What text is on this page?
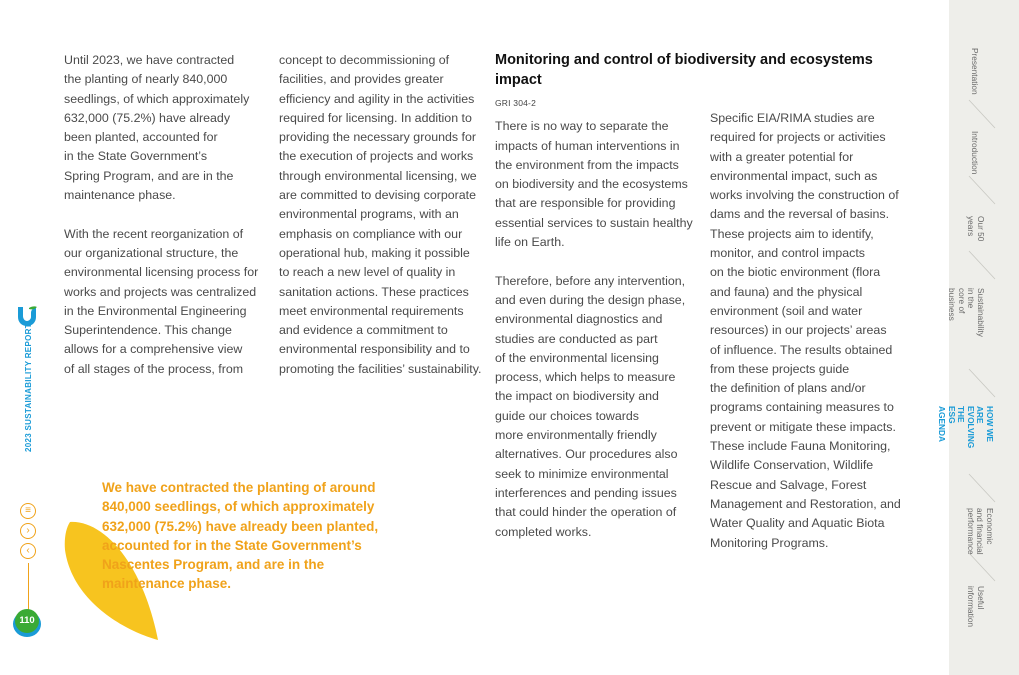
Until 2023, we have contracted
the planting of nearly 840,000
seedlings, of which approximately
632,000 (75.2%) have already
been planted, accounted for
in the State Government’s
Spring Program, and are in the
maintenance phase.

With the recent reorganization of
our organizational structure, the
environmental licensing process for
works and projects was centralized
in the Environmental Engineering
Superintendence. This change
allows for a comprehensive view
of all stages of the process, from

concept to decommissioning of
facilities, and provides greater
efficiency and agility in the activities
required for licensing. In addition to
providing the necessary grounds for
the execution of projects and works
through environmental licensing, we
are committed to devising corporate
environmental programs, with an
emphasis on compliance with our
operational hub, making it possible
to reach a new level of quality in
sanitation actions. These practices
meet environmental requirements
and evidence a commitment to
environmental responsibility and to
promoting the facilities’ sustainability.

Monitoring and control of biodiversity and ecosystems impact
GRI 304-2

There is no way to separate the
impacts of human interventions in
the environment from the impacts
on biodiversity and the ecosystems
that are responsible for providing
essential services to sustain healthy
life on Earth.

Therefore, before any intervention,
and even during the design phase,
environmental diagnostics and
studies are conducted as part
of the environmental licensing
process, which helps to measure
the impact on biodiversity and
guide our choices towards
more environmentally friendly
alternatives. Our procedures also
seek to minimize environmental
interferences and pending issues
that could hinder the operation of
completed works.

Specific EIA/RIMA studies are
required for projects or activities
with a greater potential for
environmental impact, such as
works involving the construction of
dams and the reversal of basins.
These projects aim to identify,
monitor, and control impacts
on the biotic environment (flora
and fauna) and the physical
environment (soil and water
resources) in our projects’ areas
of influence. The results obtained
from these projects guide
the definition of plans and/or
programs containing measures to
prevent or mitigate these impacts.
These include Fauna Monitoring,
Wildlife Conservation, Wildlife
Rescue and Salvage, Forest
Management and Restoration, and
Water Quality and Aquatic Biota
Monitoring Programs.

We have contracted the planting of around
840,000 seedlings, of which approximately
632,000 (75.2%) have already been planted,
accounted for in the State Government’s
Nascentes Program, and are in the
maintenance phase.
2023 SUSTAINABILITY REPORT
≡
›
‹
110
Presentation
Introduction
Our 50
years
Sustainability in the
core of business
HOW WE ARE
EVOLVING THE
ESG AGENDA
Economic
and financial
performance
Useful
information
